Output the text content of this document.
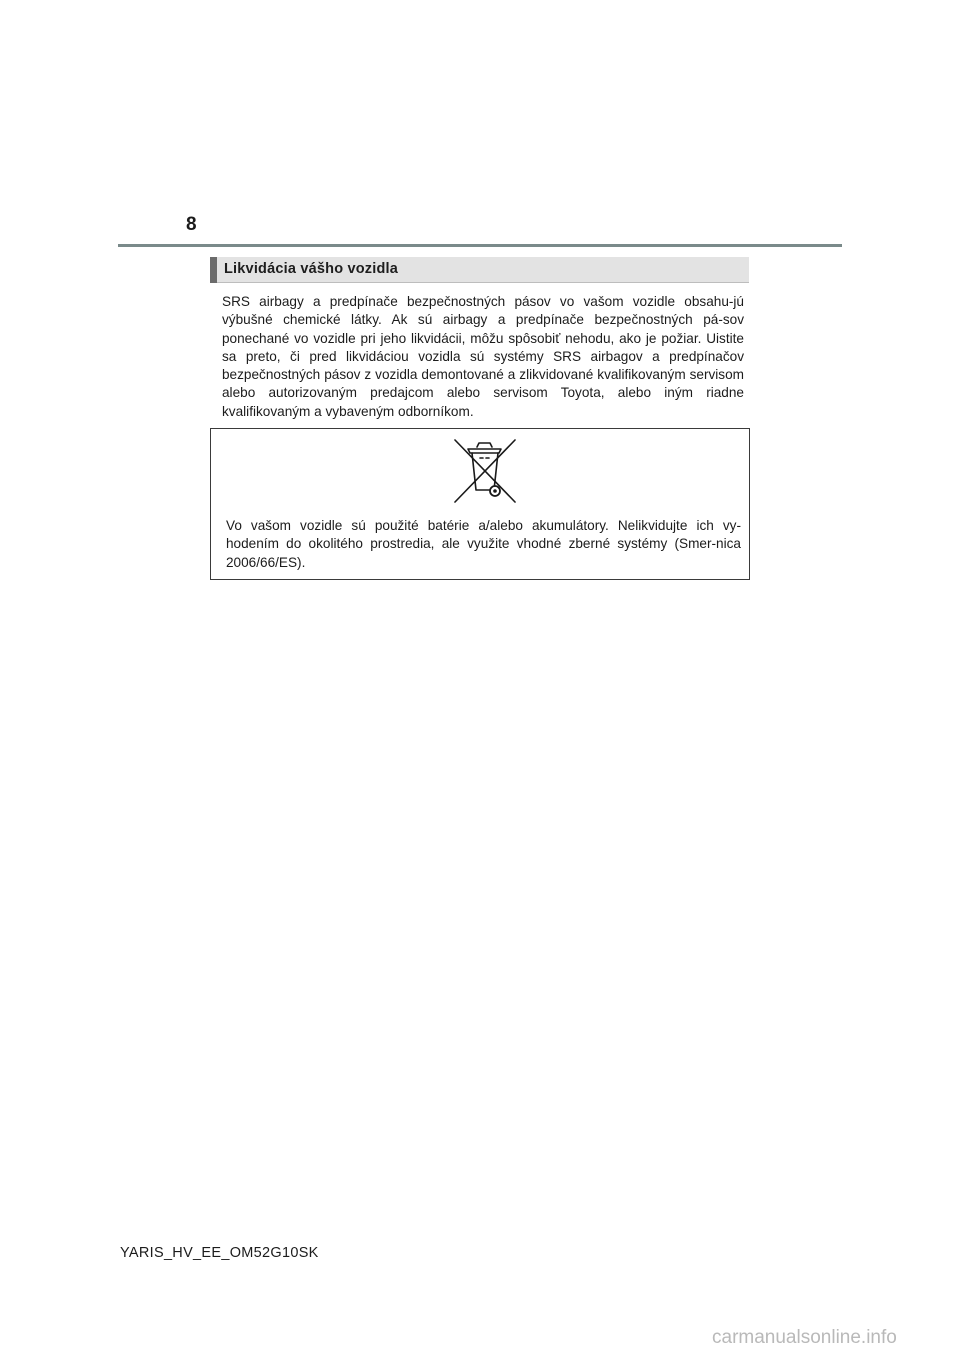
8
Likvidácia vášho vozidla
SRS airbagy a predpínače bezpečnostných pásov vo vašom vozidle obsahu-jú výbušné chemické látky. Ak sú airbagy a predpínače bezpečnostných pá-sov ponechané vo vozidle pri jeho likvidácii, môžu spôsobiť nehodu, ako je požiar. Uistite sa preto, či pred likvidáciou vozidla sú systémy SRS airbagov a predpínačov bezpečnostných pásov z vozidla demontované a zlikvidované kvalifikovaným servisom alebo autorizovaným predajcom alebo servisom Toyota, alebo iným riadne kvalifikovaným a vybaveným odborníkom.
Vo vašom vozidle sú použité batérie a/alebo akumulátory. Nelikvidujte ich vy-hodením do okolitého prostredia, ale využite vhodné zberné systémy (Smer-nica 2006/66/ES).
YARIS_HV_EE_OM52G10SK
carmanualsonline.info
